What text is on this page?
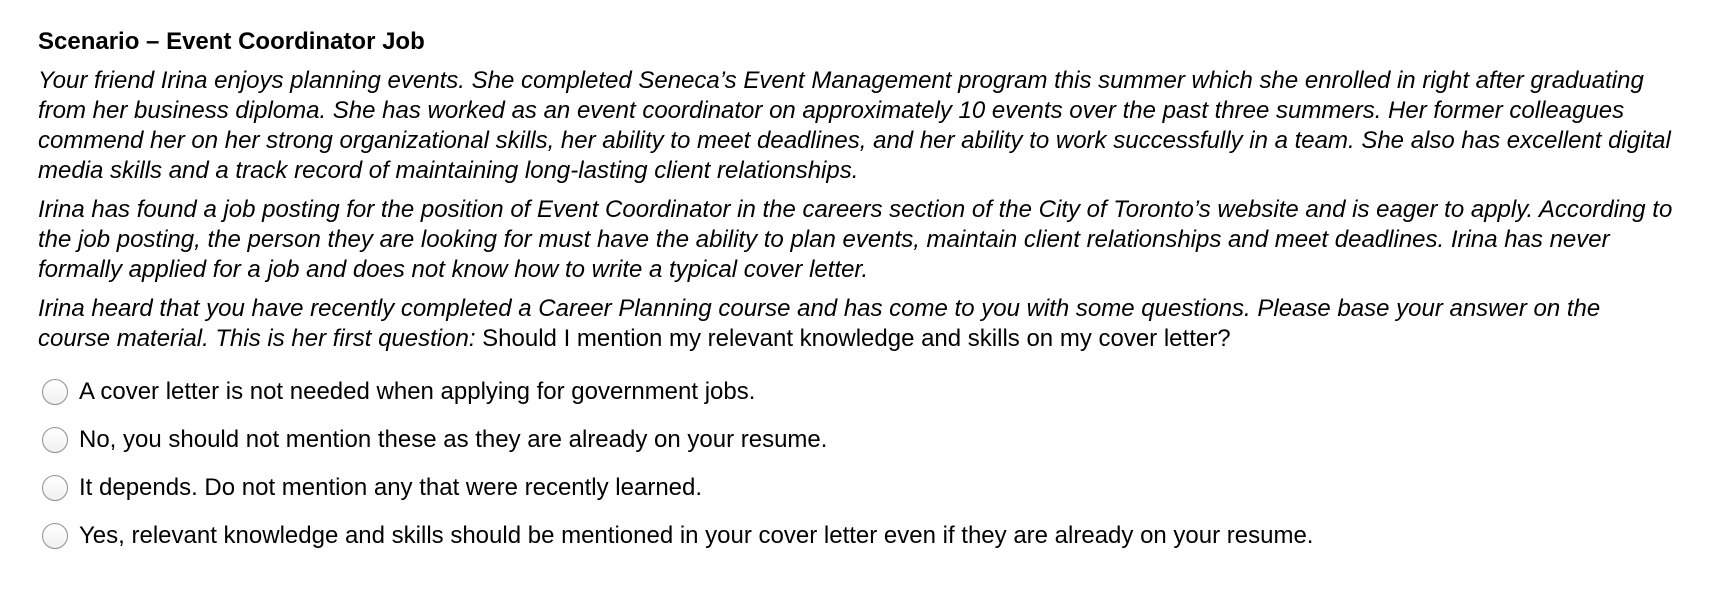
Scenario – Event Coordinator Job

Your friend Irina enjoys planning events. She completed Seneca’s Event Management program this summer which she enrolled in right after graduating from her business diploma. She has worked as an event coordinator on approximately 10 events over the past three summers. Her former colleagues commend her on her strong organizational skills, her ability to meet deadlines, and her ability to work successfully in a team. She also has excellent digital media skills and a track record of maintaining long-lasting client relationships.

Irina has found a job posting for the position of Event Coordinator in the careers section of the City of Toronto’s website and is eager to apply. According to the job posting, the person they are looking for must have the ability to plan events, maintain client relationships and meet deadlines. Irina has never formally applied for a job and does not know how to write a typical cover letter.

Irina heard that you have recently completed a Career Planning course and has come to you with some questions. Please base your answer on the course material. This is her first question: Should I mention my relevant knowledge and skills on my cover letter?

A cover letter is not needed when applying for government jobs.
No, you should not mention these as they are already on your resume.
It depends. Do not mention any that were recently learned.
Yes, relevant knowledge and skills should be mentioned in your cover letter even if they are already on your resume.
